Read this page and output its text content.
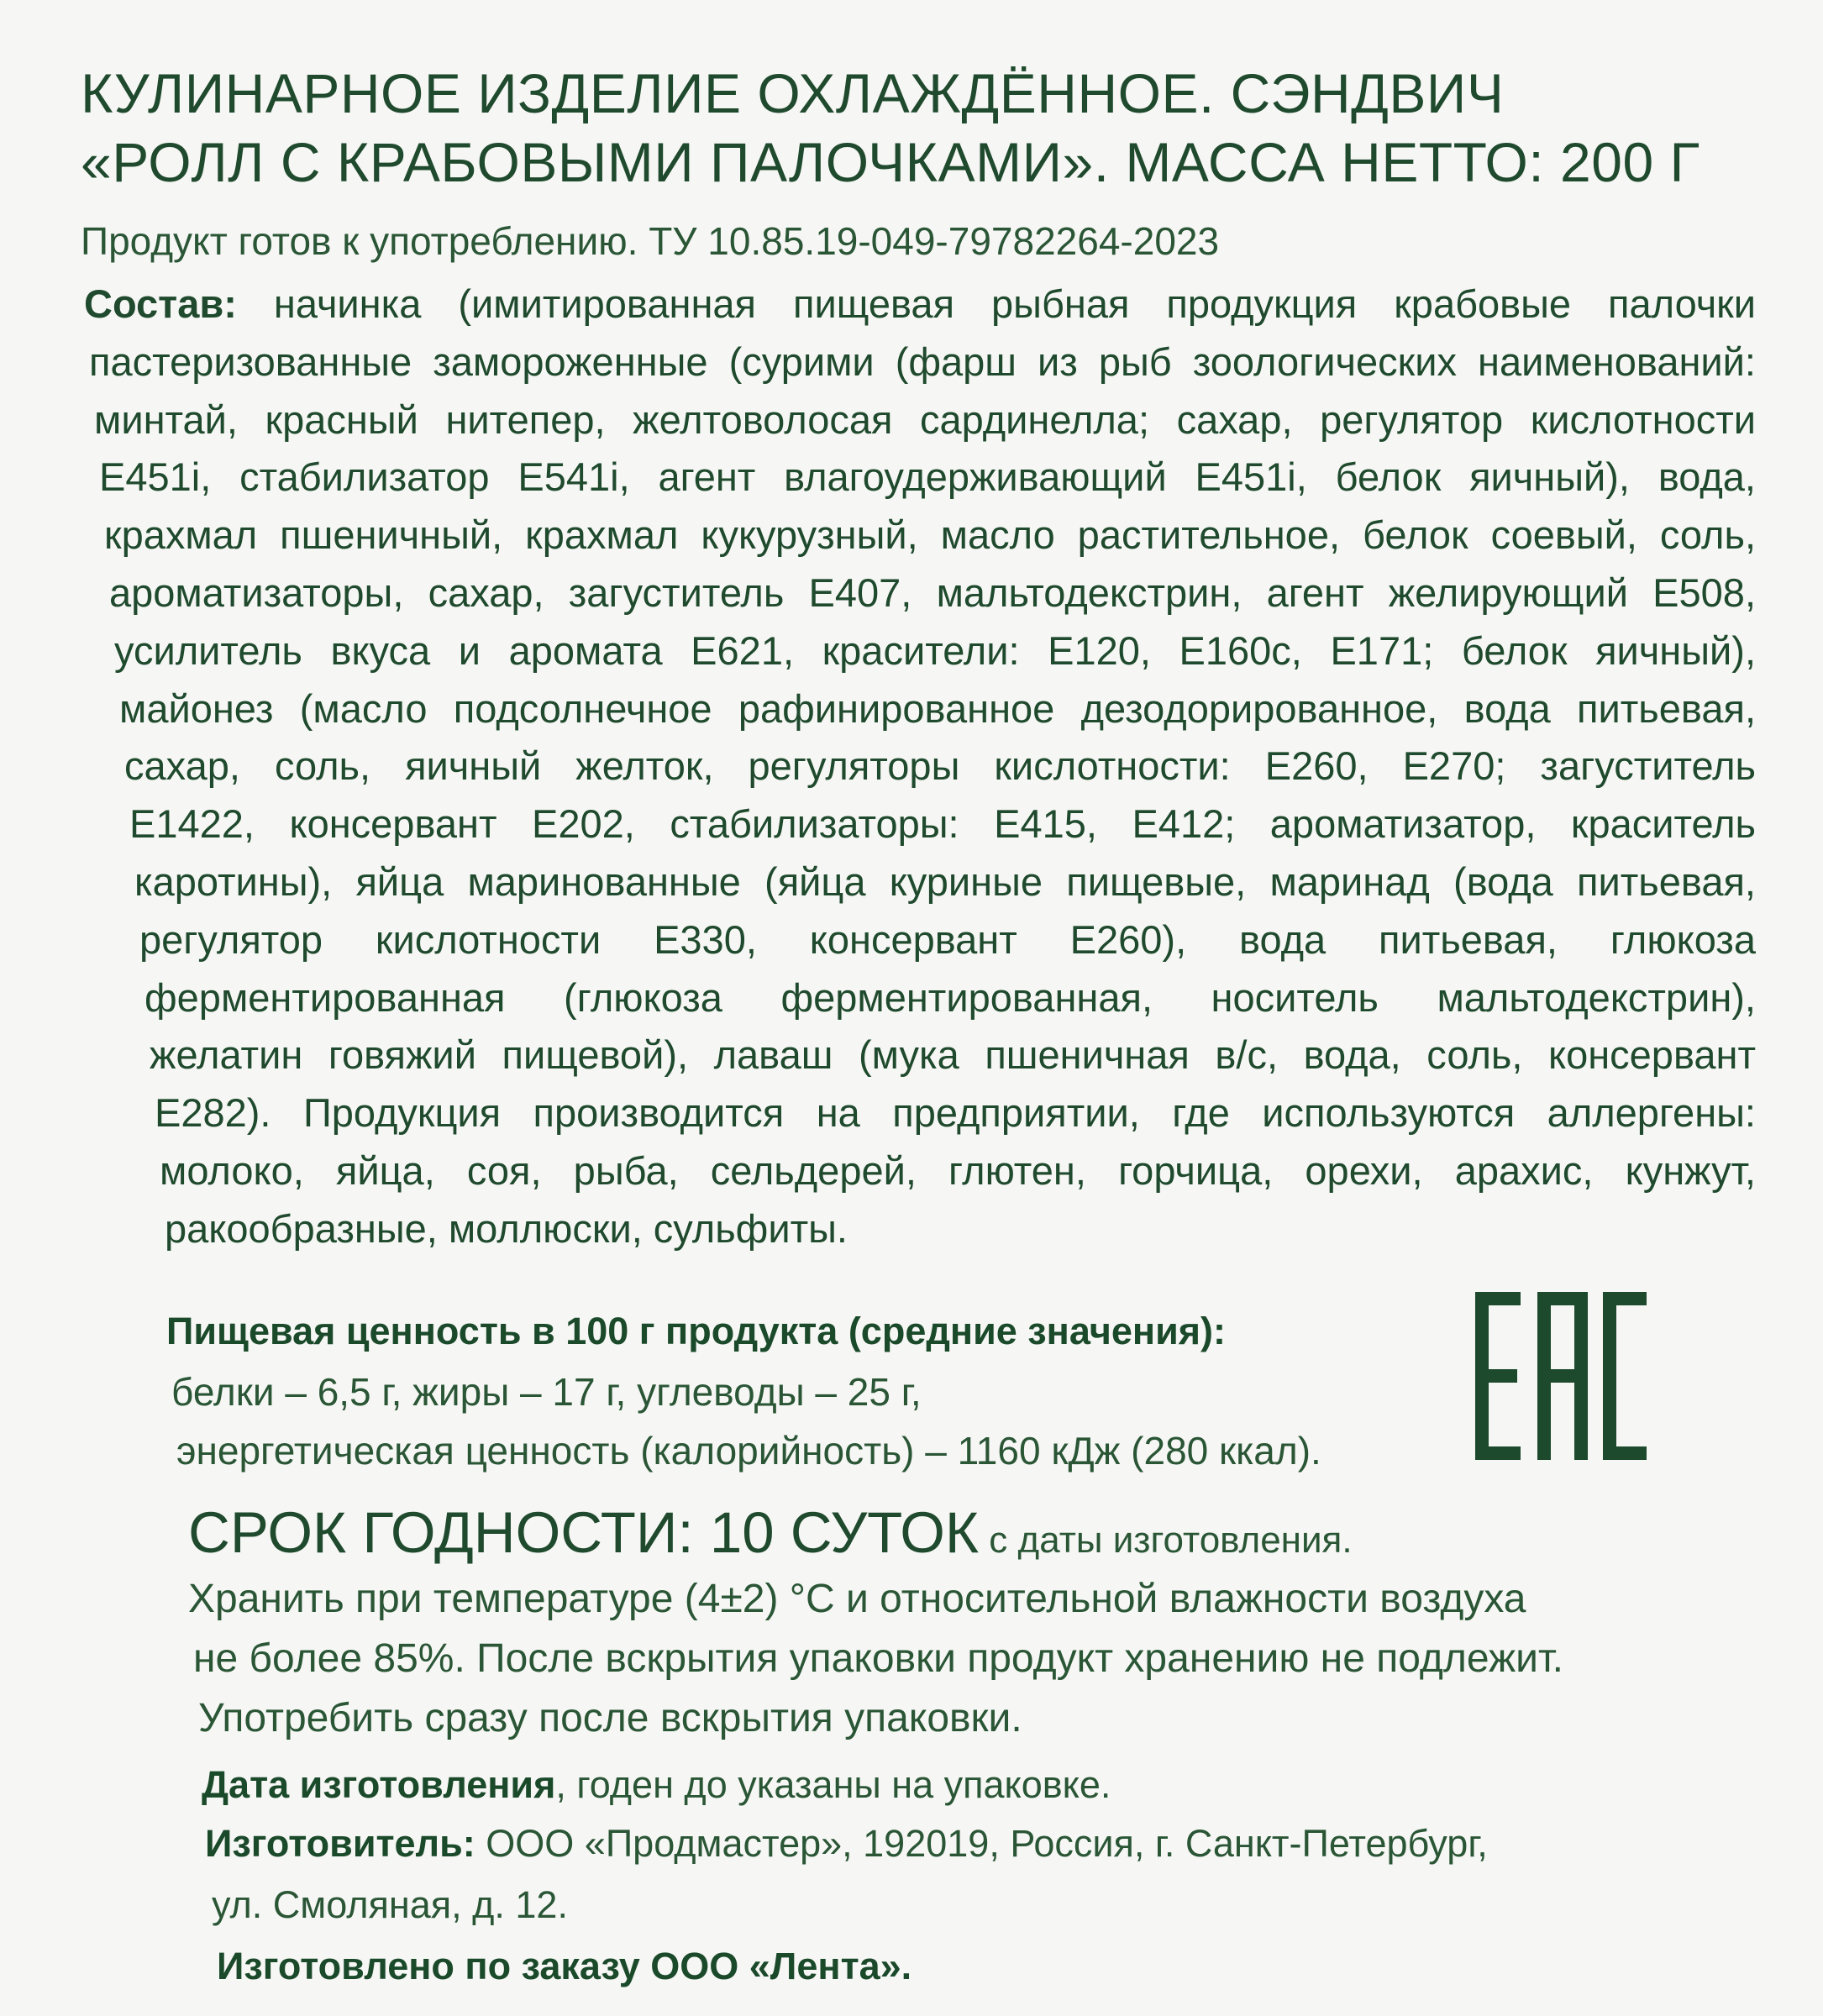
КУЛИНАРНОЕ ИЗДЕЛИЕ ОХЛАЖДЁННОЕ. СЭНДВИЧ
«РОЛЛ С КРАБОВЫМИ ПАЛОЧКАМИ». МАССА НЕТТО: 200 Г
Продукт готов к употреблению. ТУ 10.85.19-049-79782264-2023
Состав: начинка (имитированная пищевая рыбная продукция крабовые палочки
пастеризованные замороженные (сурими (фарш из рыб зоологических наименований:
минтай, красный нитепер, желтоволосая сардинелла; сахар, регулятор кислотности
Е451i, стабилизатор Е541i, агент влагоудерживающий Е451i, белок яичный), вода,
крахмал пшеничный, крахмал кукурузный, масло растительное, белок соевый, соль,
ароматизаторы, сахар, загуститель Е407, мальтодекстрин, агент желирующий Е508,
усилитель вкуса и аромата Е621, красители: Е120, Е160с, Е171; белок яичный),
майонез (масло подсолнечное рафинированное дезодорированное, вода питьевая,
сахар, соль, яичный желток, регуляторы кислотности: Е260, Е270; загуститель
Е1422, консервант Е202, стабилизаторы: Е415, Е412; ароматизатор, краситель
каротины), яйца маринованные (яйца куриные пищевые, маринад (вода питьевая,
регулятор кислотности Е330, консервант Е260), вода питьевая, глюкоза
ферментированная (глюкоза ферментированная, носитель мальтодекстрин),
желатин говяжий пищевой), лаваш (мука пшеничная в/с, вода, соль, консервант
Е282). Продукция производится на предприятии, где используются аллергены:
молоко, яйца, соя, рыба, сельдерей, глютен, горчица, орехи, арахис, кунжут,
ракообразные, моллюски, сульфиты.
Пищевая ценность в 100 г продукта (средние значения):
белки – 6,5 г, жиры – 17 г, углеводы – 25 г,
энергетическая ценность (калорийность) – 1160 кДж (280 ккал).
СРОК ГОДНОСТИ: 10 СУТОК с даты изготовления.
Хранить при температуре (4±2) °С и относительной влажности воздуха
не более 85%. После вскрытия упаковки продукт хранению не подлежит.
Употребить сразу после вскрытия упаковки.
Дата изготовления, годен до указаны на упаковке.
Изготовитель: ООО «Продмастер», 192019, Россия, г. Санкт-Петербург,
ул. Смоляная, д. 12.
Изготовлено по заказу ООО «Лента».
